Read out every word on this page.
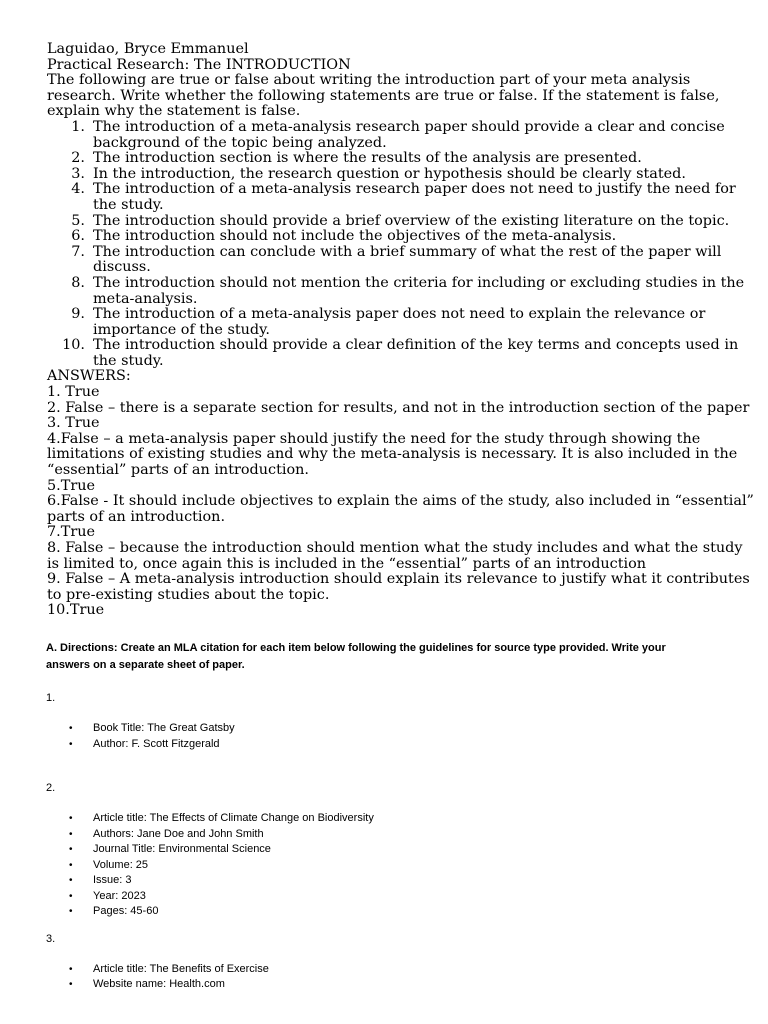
Laguidao, Bryce Emmanuel
Practical Research: The INTRODUCTION
The following are true or false about writing the introduction part of your meta analysis
research. Write whether the following statements are true or false. If the statement is false,
explain why the statement is false.
1. The introduction of a meta-analysis research paper should provide a clear and concise
background of the topic being analyzed.
2. The introduction section is where the results of the analysis are presented.
3. In the introduction, the research question or hypothesis should be clearly stated.
4. The introduction of a meta-analysis research paper does not need to justify the need for
the study.
5. The introduction should provide a brief overview of the existing literature on the topic.
6. The introduction should not include the objectives of the meta-analysis.
7. The introduction can conclude with a brief summary of what the rest of the paper will
discuss.
8. The introduction should not mention the criteria for including or excluding studies in the
meta-analysis.
9. The introduction of a meta-analysis paper does not need to explain the relevance or
importance of the study.
10. The introduction should provide a clear definition of the key terms and concepts used in
the study.
ANSWERS:
1. True
2. False – there is a separate section for results, and not in the introduction section of the paper
3. True
4.False – a meta-analysis paper should justify the need for the study through showing the
limitations of existing studies and why the meta-analysis is necessary. It is also included in the
“essential” parts of an introduction.
5.True
6.False - It should include objectives to explain the aims of the study, also included in “essential”
parts of an introduction.
7.True
8. False – because the introduction should mention what the study includes and what the study
is limited to, once again this is included in the “essential” parts of an introduction
9. False – A meta-analysis introduction should explain its relevance to justify what it contributes
to pre-existing studies about the topic.
10.True
A. Directions: Create an MLA citation for each item below following the guidelines for source type provided. Write your
answers on a separate sheet of paper.
1.
• Book Title: The Great Gatsby
• Author: F. Scott Fitzgerald
2.
• Article title: The Effects of Climate Change on Biodiversity
• Authors: Jane Doe and John Smith
• Journal Title: Environmental Science
• Volume: 25
• Issue: 3
• Year: 2023
• Pages: 45-60
3.
• Article title: The Benefits of Exercise
• Website name: Health.com
